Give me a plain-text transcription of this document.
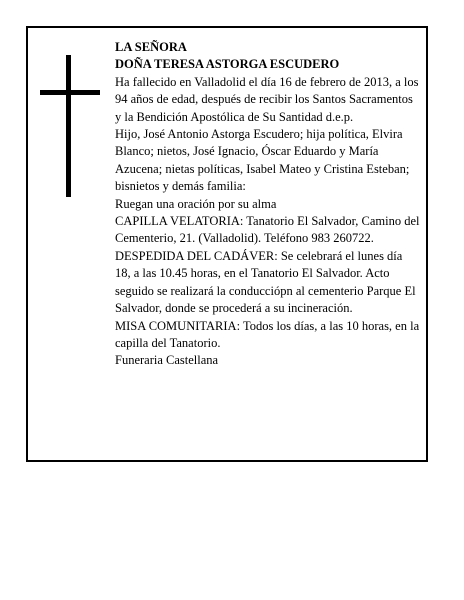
LA SEÑORA

DOÑA TERESA ASTORGA ESCUDERO

Ha fallecido en Valladolid el día 16 de febrero de 2013, a los 94 años de edad, después de recibir los Santos Sacramentos y la Bendición Apostólica de Su Santidad d.e.p.

Hijo, José Antonio Astorga Escudero; hija política, Elvira Blanco; nietos, José Ignacio, Óscar Eduardo y María Azucena; nietas políticas, Isabel Mateo y Cristina Esteban; bisnietos y demás familia:

Ruegan una oración por su alma

CAPILLA VELATORIA: Tanatorio El Salvador, Camino del Cementerio, 21. (Valladolid). Teléfono 983 260722.

DESPEDIDA DEL CADÁVER: Se celebrará el lunes día 18, a las 10.45 horas, en el Tanatorio El Salvador. Acto seguido se realizará la conducciópn al cementerio Parque El Salvador, donde se procederá a su incineración.

MISA COMUNITARIA: Todos los días, a las 10 horas, en la capilla del Tanatorio.

Funeraria Castellana
